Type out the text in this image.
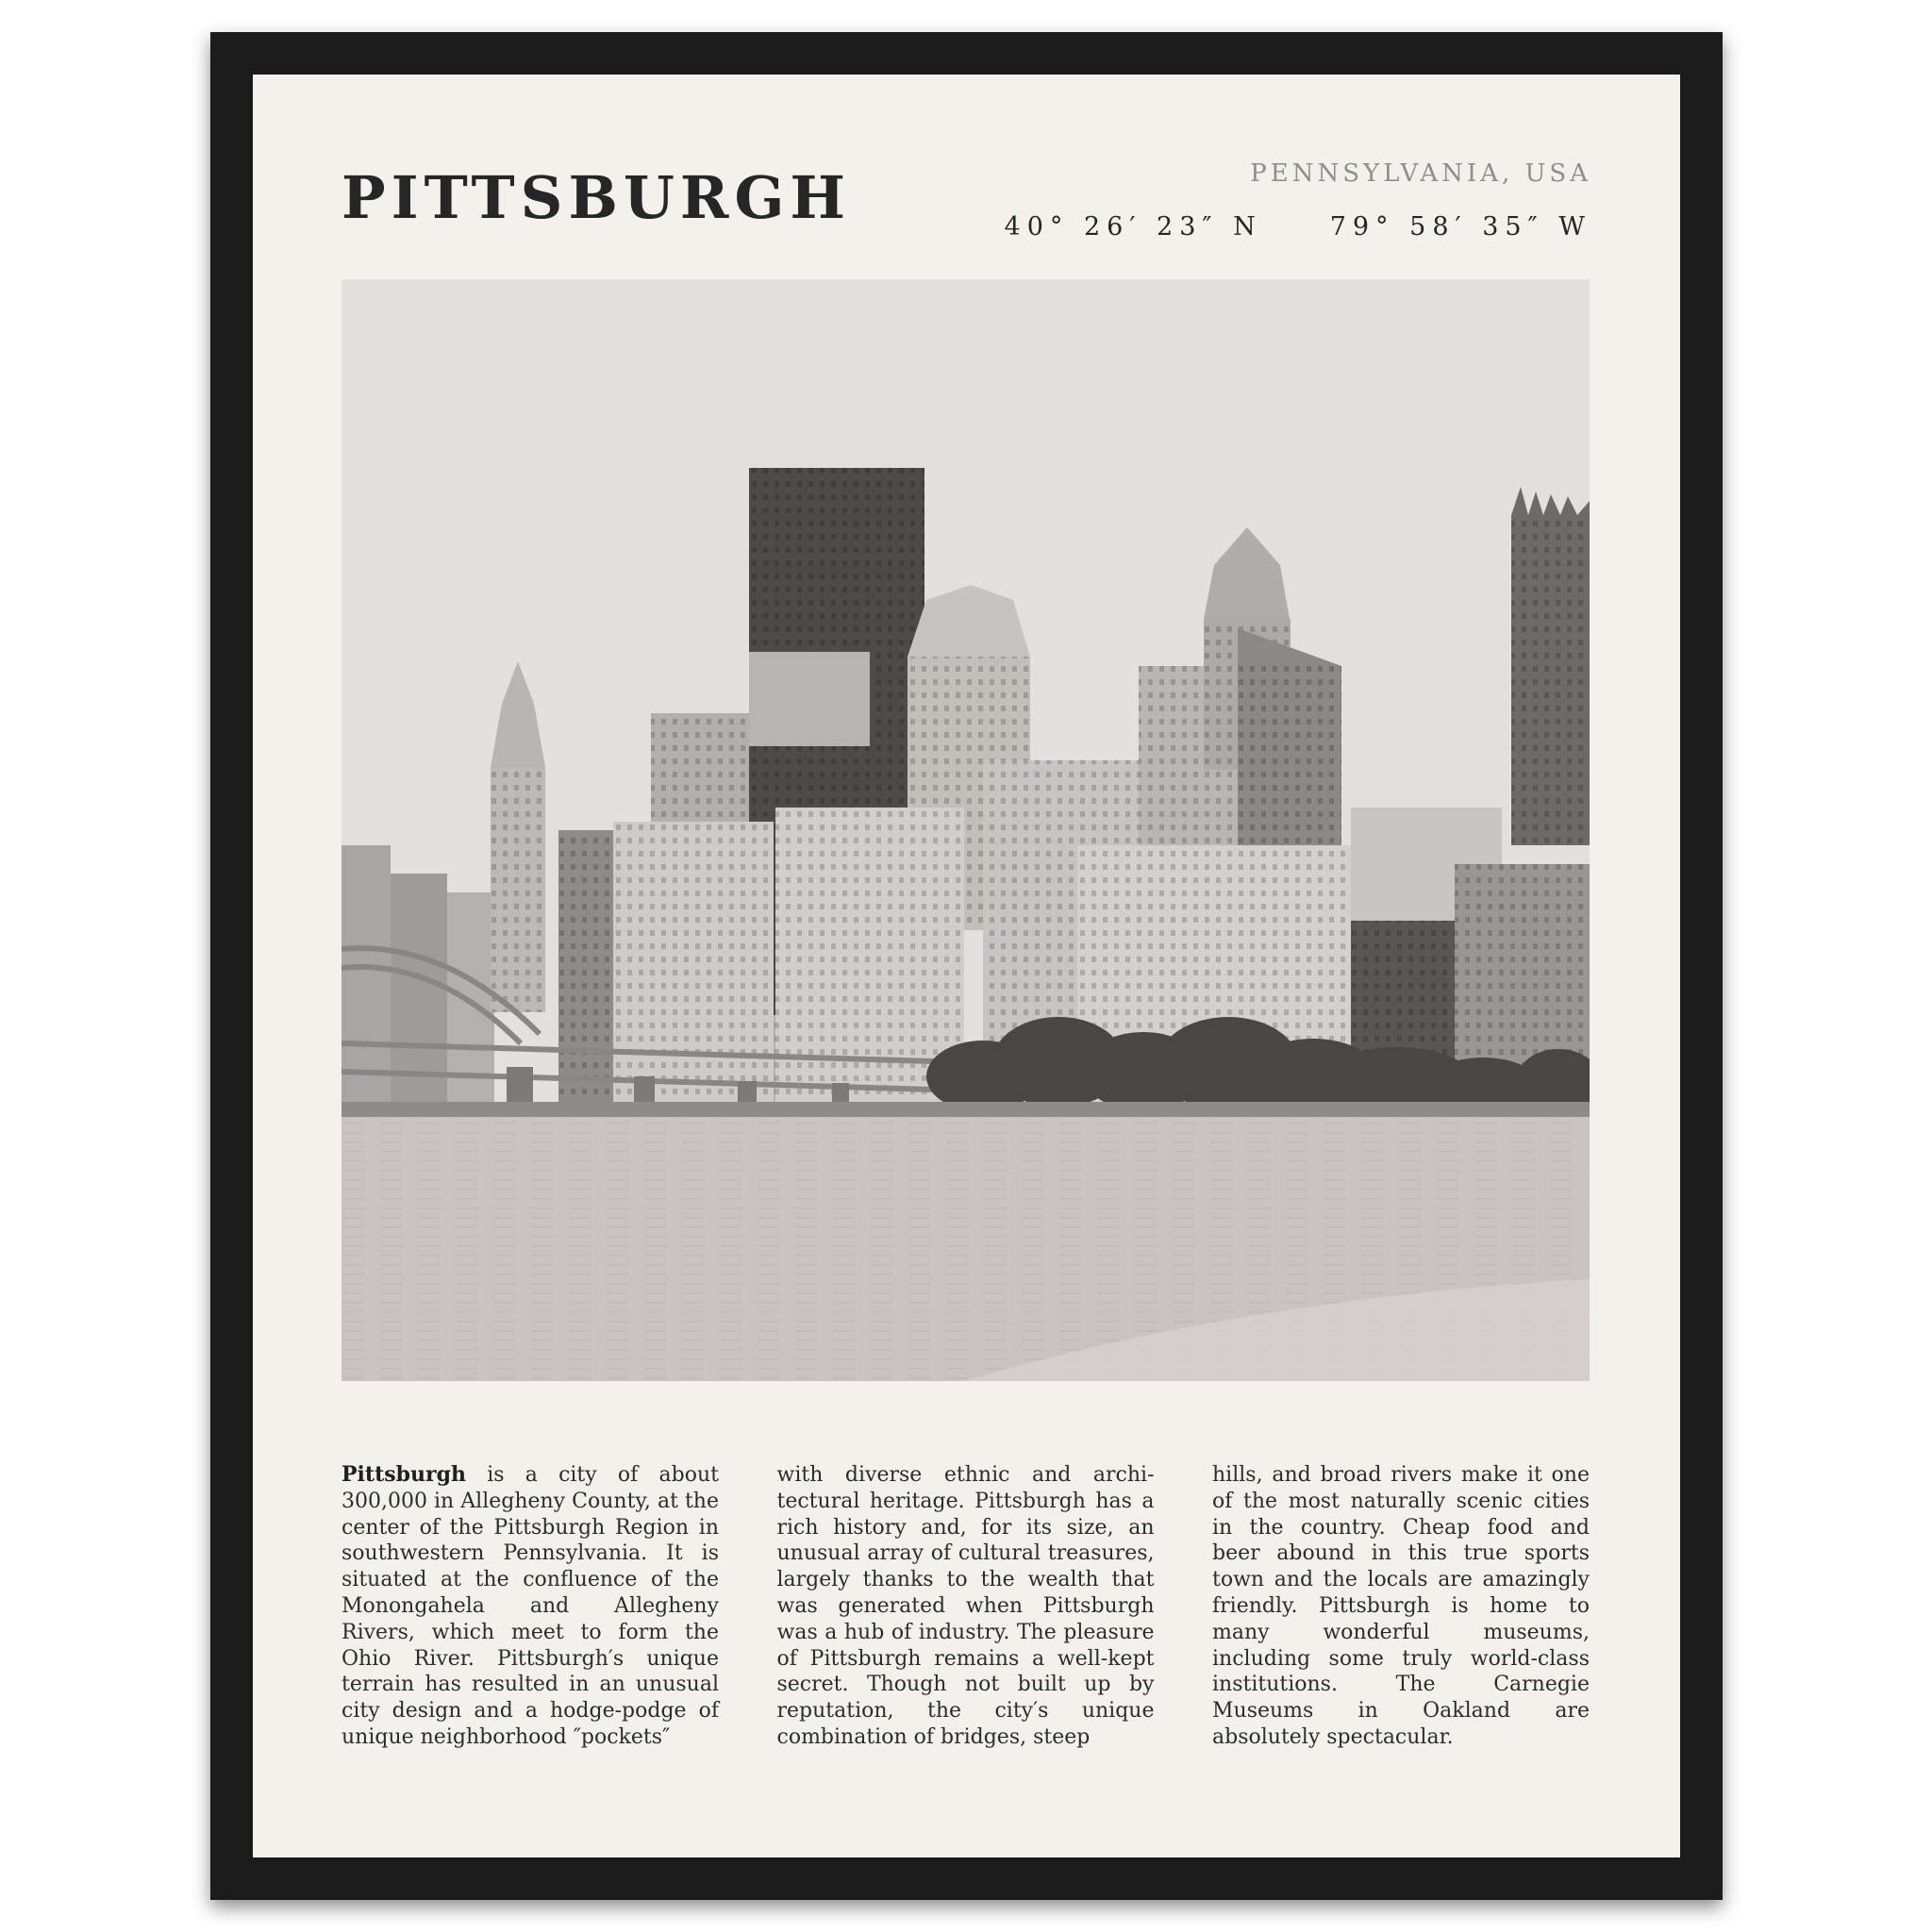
PITTSBURGH	PENNSYLVANIA, USA
40° 26′ 23″ N	79° 58′ 35″ W

Pittsburgh is a city of about 300,000 in Allegheny County, at the center of the Pittsburgh Region in southwestern Pennsylvania. It is situated at the confluence of the Monongahela and Allegheny Rivers, which meet to form the Ohio River. Pittsburgh′s unique terrain has resulted in an unusual city design and a hodge-podge of unique neighborhood ″pockets″

with diverse ethnic and architectural heritage. Pittsburgh has a rich history and, for its size, an unusual array of cultural treasures, largely thanks to the wealth that was generated when Pittsburgh was a hub of industry. The pleasure of Pittsburgh remains a well-kept secret. Though not built up by reputation, the city′s unique combination of bridges, steep

hills, and broad rivers make it one of the most naturally scenic cities in the country. Cheap food and beer abound in this true sports town and the locals are amazingly friendly. Pittsburgh is home to many wonderful museums, including some truly world-class institutions. The Carnegie Museums in Oakland are absolutely spectacular.
